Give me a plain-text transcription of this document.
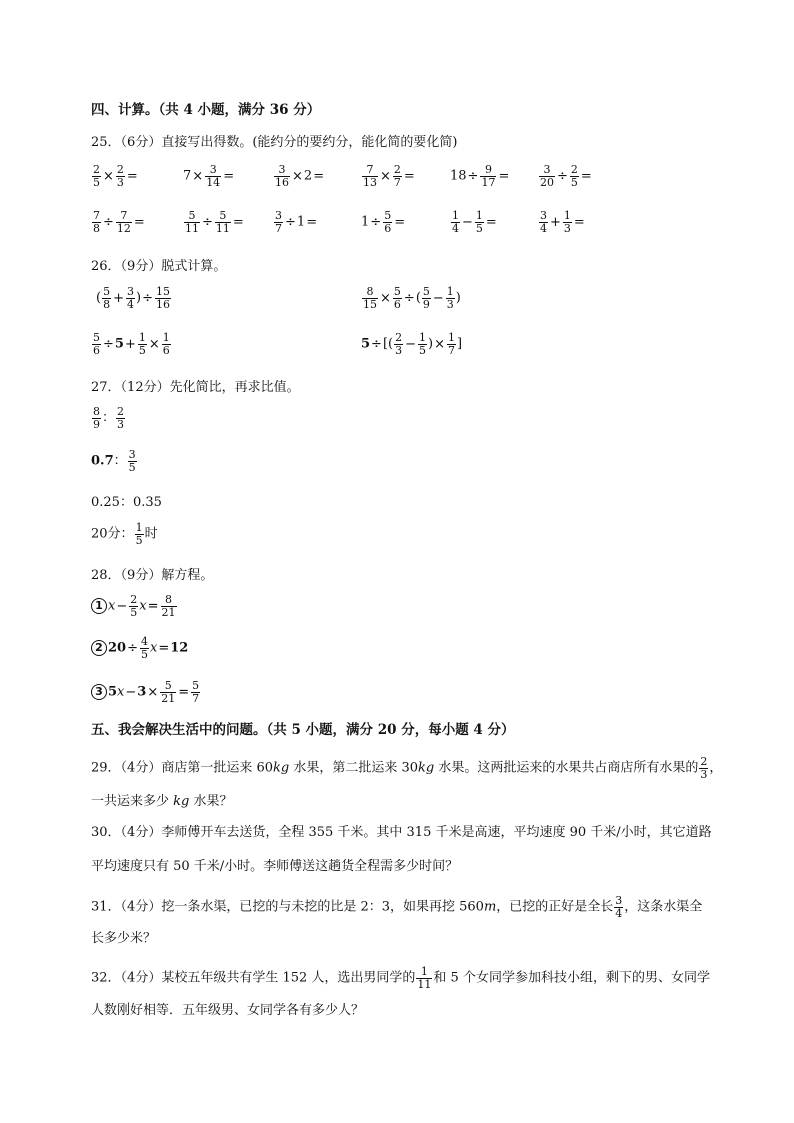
四、计算。（共 4 小题，满分 36 分）
25．（6分）直接写出得数。(能约分的要约分，能化简的要化简)
$\frac{2}{5} \times \frac{2}{3}$ =	$7\times \frac{3}{14}$ =	$\frac{3}{16} \times 2=$	$\frac{7}{13} \times \frac{2}{7}$ =	$18\div \frac{9}{17}$ =	$\frac{3}{20} \div \frac{2}{5}$ =
$\frac{7}{8} \div \frac{7}{12}$ =	$\frac{5}{11} \div \frac{5}{11}$ =	$\frac{3}{7} \div 1=$	$1\div \frac{5}{6}$ =	$\frac{1}{4} - \frac{1}{5}$ =	$\frac{3}{4} + \frac{1}{3}$ =
26．（9分）脱式计算。
( $\frac{5}{8} + \frac{3}{4}$ )÷ $\frac{15}{16}$	$\frac{8}{15} \times \frac{5}{6}$ ÷( $\frac{5}{9} - \frac{1}{3}$ )
$\frac{5}{6} \div 5+ \frac{1}{5} \times \frac{1}{6}$	$5\div[( \frac{2}{3} - \frac{1}{5}$ )× $\frac{1}{7}$ ]
27．（12分）先化简比，再求比值。
$\frac{8}{9}$ ： $\frac{2}{3}$
0.7： $\frac{3}{5}$
0.25：0.35
20分： $\frac{1}{5}$ 时
28．（9分）解方程。
1 $x- \frac{2}{5} x= \frac{8}{21}$
2 $20\div \frac{4}{5} x=12$
3 $5x-3\times \frac{5}{21} = \frac{5}{7}$
五、我会解决生活中的问题。（共 5 小题，满分 20 分，每小题 4 分）
29．（4分）商店第一批运来 60kg 水果，第二批运来 30kg 水果。这两批运来的水果共占商店所有水果的 $\frac{2}{3}$ ，
一共运来多少 kg 水果？
30．（4分）李师傅开车去送货，全程 355 千米。其中 315 千米是高速，平均速度 90 千米/小时，其它道路
平均速度只有 50 千米/小时。李师傅送这趟货全程需多少时间？
31．（4分）挖一条水渠，已挖的与未挖的比是 2：3，如果再挖 560m，已挖的正好是全长 $\frac{3}{4}$ ，这条水渠全
长多少米？
32．（4分）某校五年级共有学生 152 人，选出男同学的 $\frac{1}{11}$ 和 5 个女同学参加科技小组，剩下的男、女同学
人数刚好相等．五年级男、女同学各有多少人？
